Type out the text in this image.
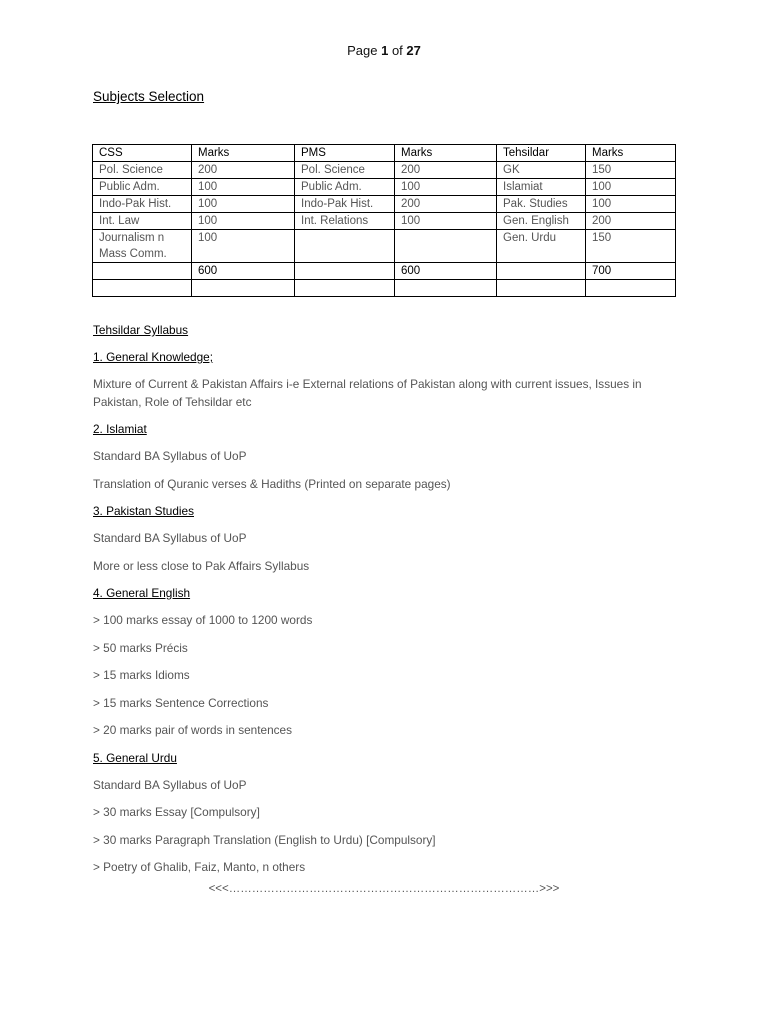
Page 1 of 27
Subjects Selection
CSS	Marks	PMS	Marks	Tehsildar	Marks
Pol. Science	200	Pol. Science	200	GK	150
Public Adm.	100	Public Adm.	100	Islamiat	100
Indo-Pak Hist.	100	Indo-Pak Hist.	200	Pak. Studies	100
Int. Law	100	Int. Relations	100	Gen. English	200
Journalism n Mass Comm.	100			Gen. Urdu	150
	600		600		700

Tehsildar Syllabus
1. General Knowledge;
Mixture of Current & Pakistan Affairs i-e External relations of Pakistan along with current issues, Issues in Pakistan, Role of Tehsildar etc
2. Islamiat
Standard BA Syllabus of UoP
Translation of Quranic verses & Hadiths (Printed on separate pages)
3. Pakistan Studies
Standard BA Syllabus of UoP
More or less close to Pak Affairs Syllabus
4. General English
> 100 marks essay of 1000 to 1200 words
> 50 marks Précis
> 15 marks Idioms
> 15 marks Sentence Corrections
> 20 marks pair of words in sentences
5. General Urdu
Standard BA Syllabus of UoP
> 30 marks Essay [Compulsory]
> 30 marks Paragraph Translation (English to Urdu) [Compulsory]
> Poetry of Ghalib, Faiz, Manto, n others
<<<………………………………………………………………………>>>
